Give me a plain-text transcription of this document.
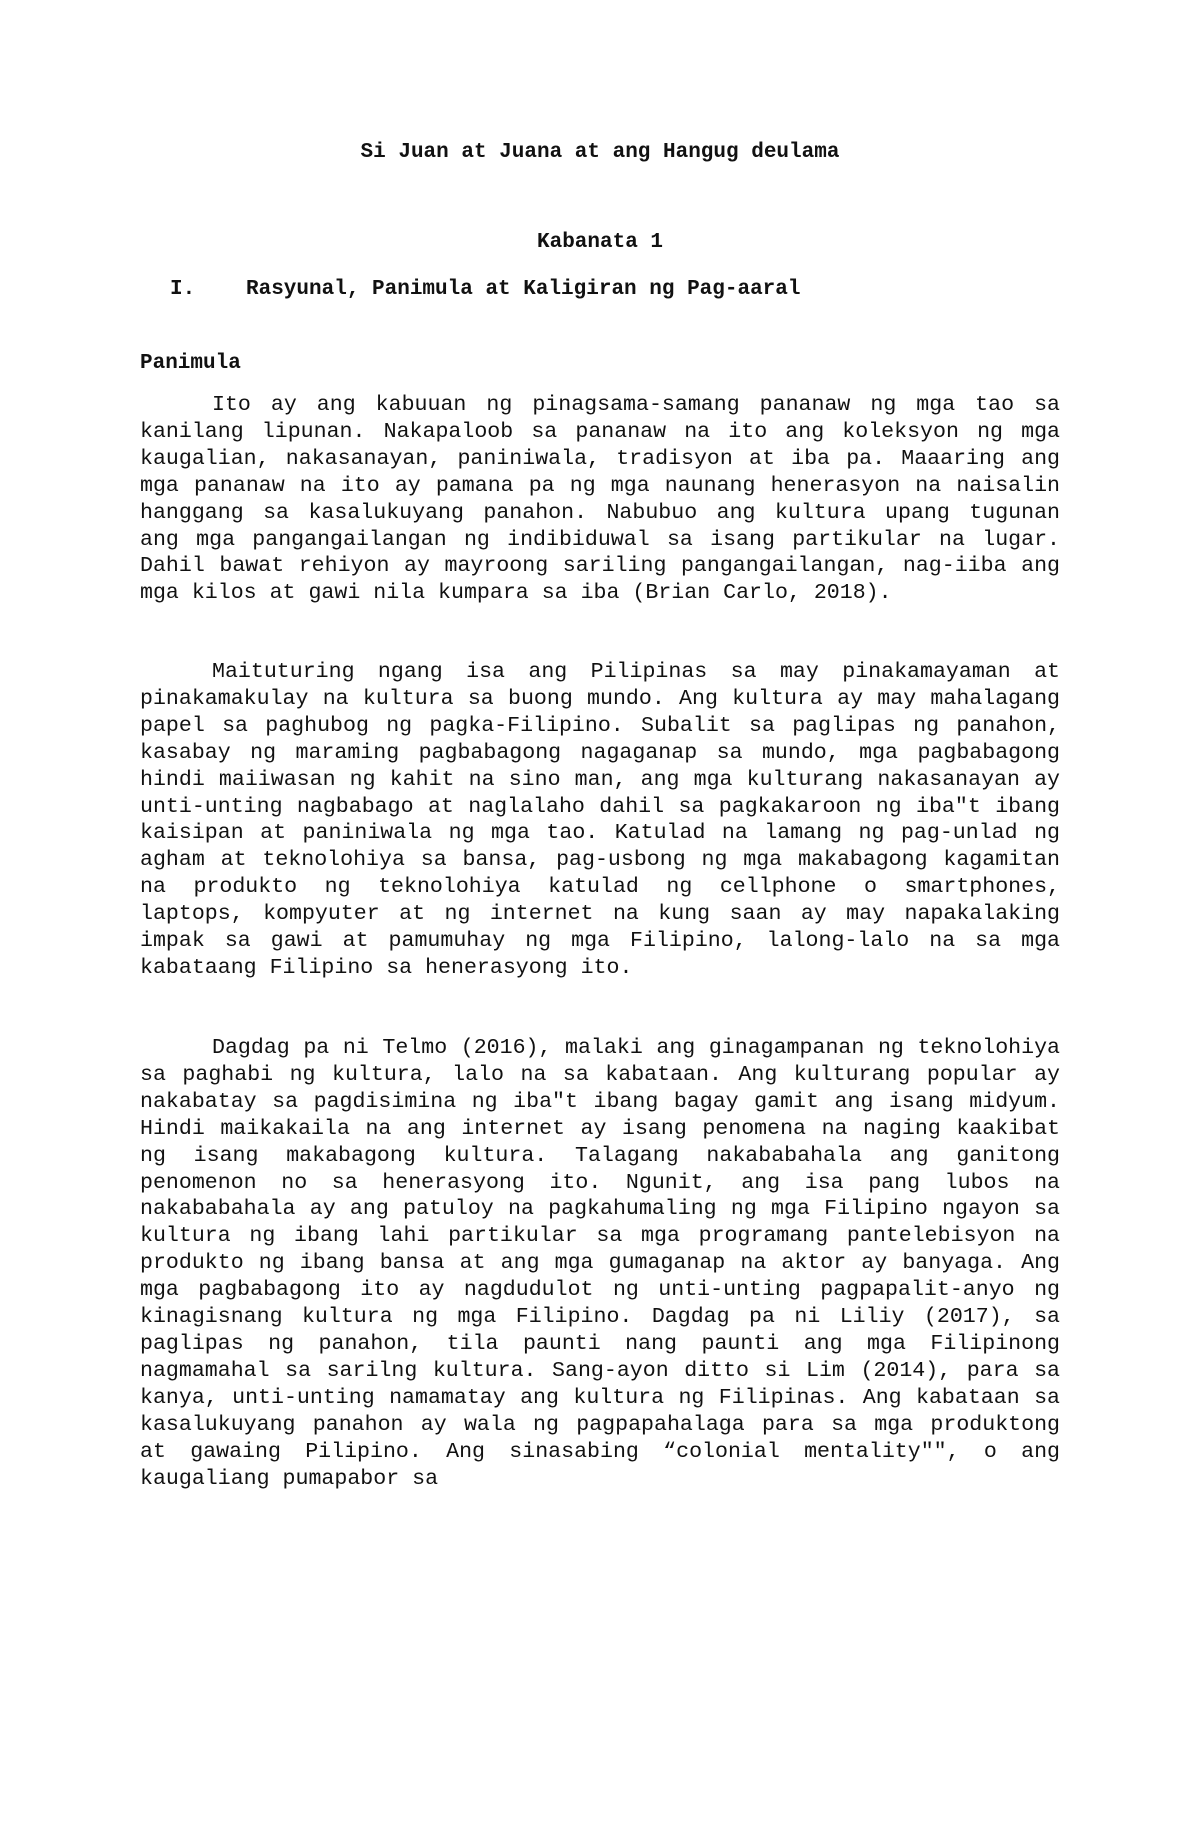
Si Juan at Juana at ang Hangug deulama
Kabanata 1
I. Rasyunal, Panimula at Kaligiran ng Pag-aaral
Panimula

Ito ay ang kabuuan ng pinagsama-samang pananaw ng mga tao sa kanilang lipunan. Nakapaloob sa pananaw na ito ang koleksyon ng mga kaugalian, nakasanayan, paniniwala, tradisyon at iba pa. Maaaring ang mga pananaw na ito ay pamana pa ng mga naunang henerasyon na naisalin hanggang sa kasalukuyang panahon. Nabubuo ang kultura upang tugunan ang mga pangangailangan ng indibiduwal sa isang partikular na lugar. Dahil bawat rehiyon ay mayroong sariling pangangailangan, nag-iiba ang mga kilos at gawi nila kumpara sa iba (Brian Carlo, 2018).

Maituturing ngang isa ang Pilipinas sa may pinakamayaman at pinakamakulay na kultura sa buong mundo. Ang kultura ay may mahalagang papel sa paghubog ng pagka-Filipino. Subalit sa paglipas ng panahon, kasabay ng maraming pagbabagong nagaganap sa mundo, mga pagbabagong hindi maiiwasan ng kahit na sino man, ang mga kulturang nakasanayan ay unti-unting nagbabago at naglalaho dahil sa pagkakaroon ng iba"t ibang kaisipan at paniniwala ng mga tao. Katulad na lamang ng pag-unlad ng agham at teknolohiya sa bansa, pag-usbong ng mga makabagong kagamitan na produkto ng teknolohiya katulad ng cellphone o smartphones, laptops, kompyuter at ng internet na kung saan ay may napakalaking impak sa gawi at pamumuhay ng mga Filipino, lalong-lalo na sa mga kabataang Filipino sa henerasyong ito.

Dagdag pa ni Telmo (2016), malaki ang ginagampanan ng teknolohiya sa paghabi ng kultura, lalo na sa kabataan. Ang kulturang popular ay nakabatay sa pagdisimina ng iba"t ibang bagay gamit ang isang midyum. Hindi maikakaila na ang internet ay isang penomena na naging kaakibat ng isang makabagong kultura. Talagang nakababahala ang ganitong penomenon no sa henerasyong ito. Ngunit, ang isa pang lubos na nakababahala ay ang patuloy na pagkahumaling ng mga Filipino ngayon sa kultura ng ibang lahi partikular sa mga programang pantelebisyon na produkto ng ibang bansa at ang mga gumaganap na aktor ay banyaga. Ang mga pagbabagong ito ay nagdudulot ng unti-unting pagpapalit-anyo ng kinagisnang kultura ng mga Filipino. Dagdag pa ni Liliy (2017), sa paglipas ng panahon, tila paunti nang paunti ang mga Filipinong nagmamahal sa sarilng kultura. Sang-ayon ditto si Lim (2014), para sa kanya, unti-unting namamatay ang kultura ng Filipinas. Ang kabataan sa kasalukuyang panahon ay wala ng pagpapahalaga para sa mga produktong at gawaing Pilipino. Ang sinasabing “colonial mentality"", o ang kaugaliang pumapabor sa
